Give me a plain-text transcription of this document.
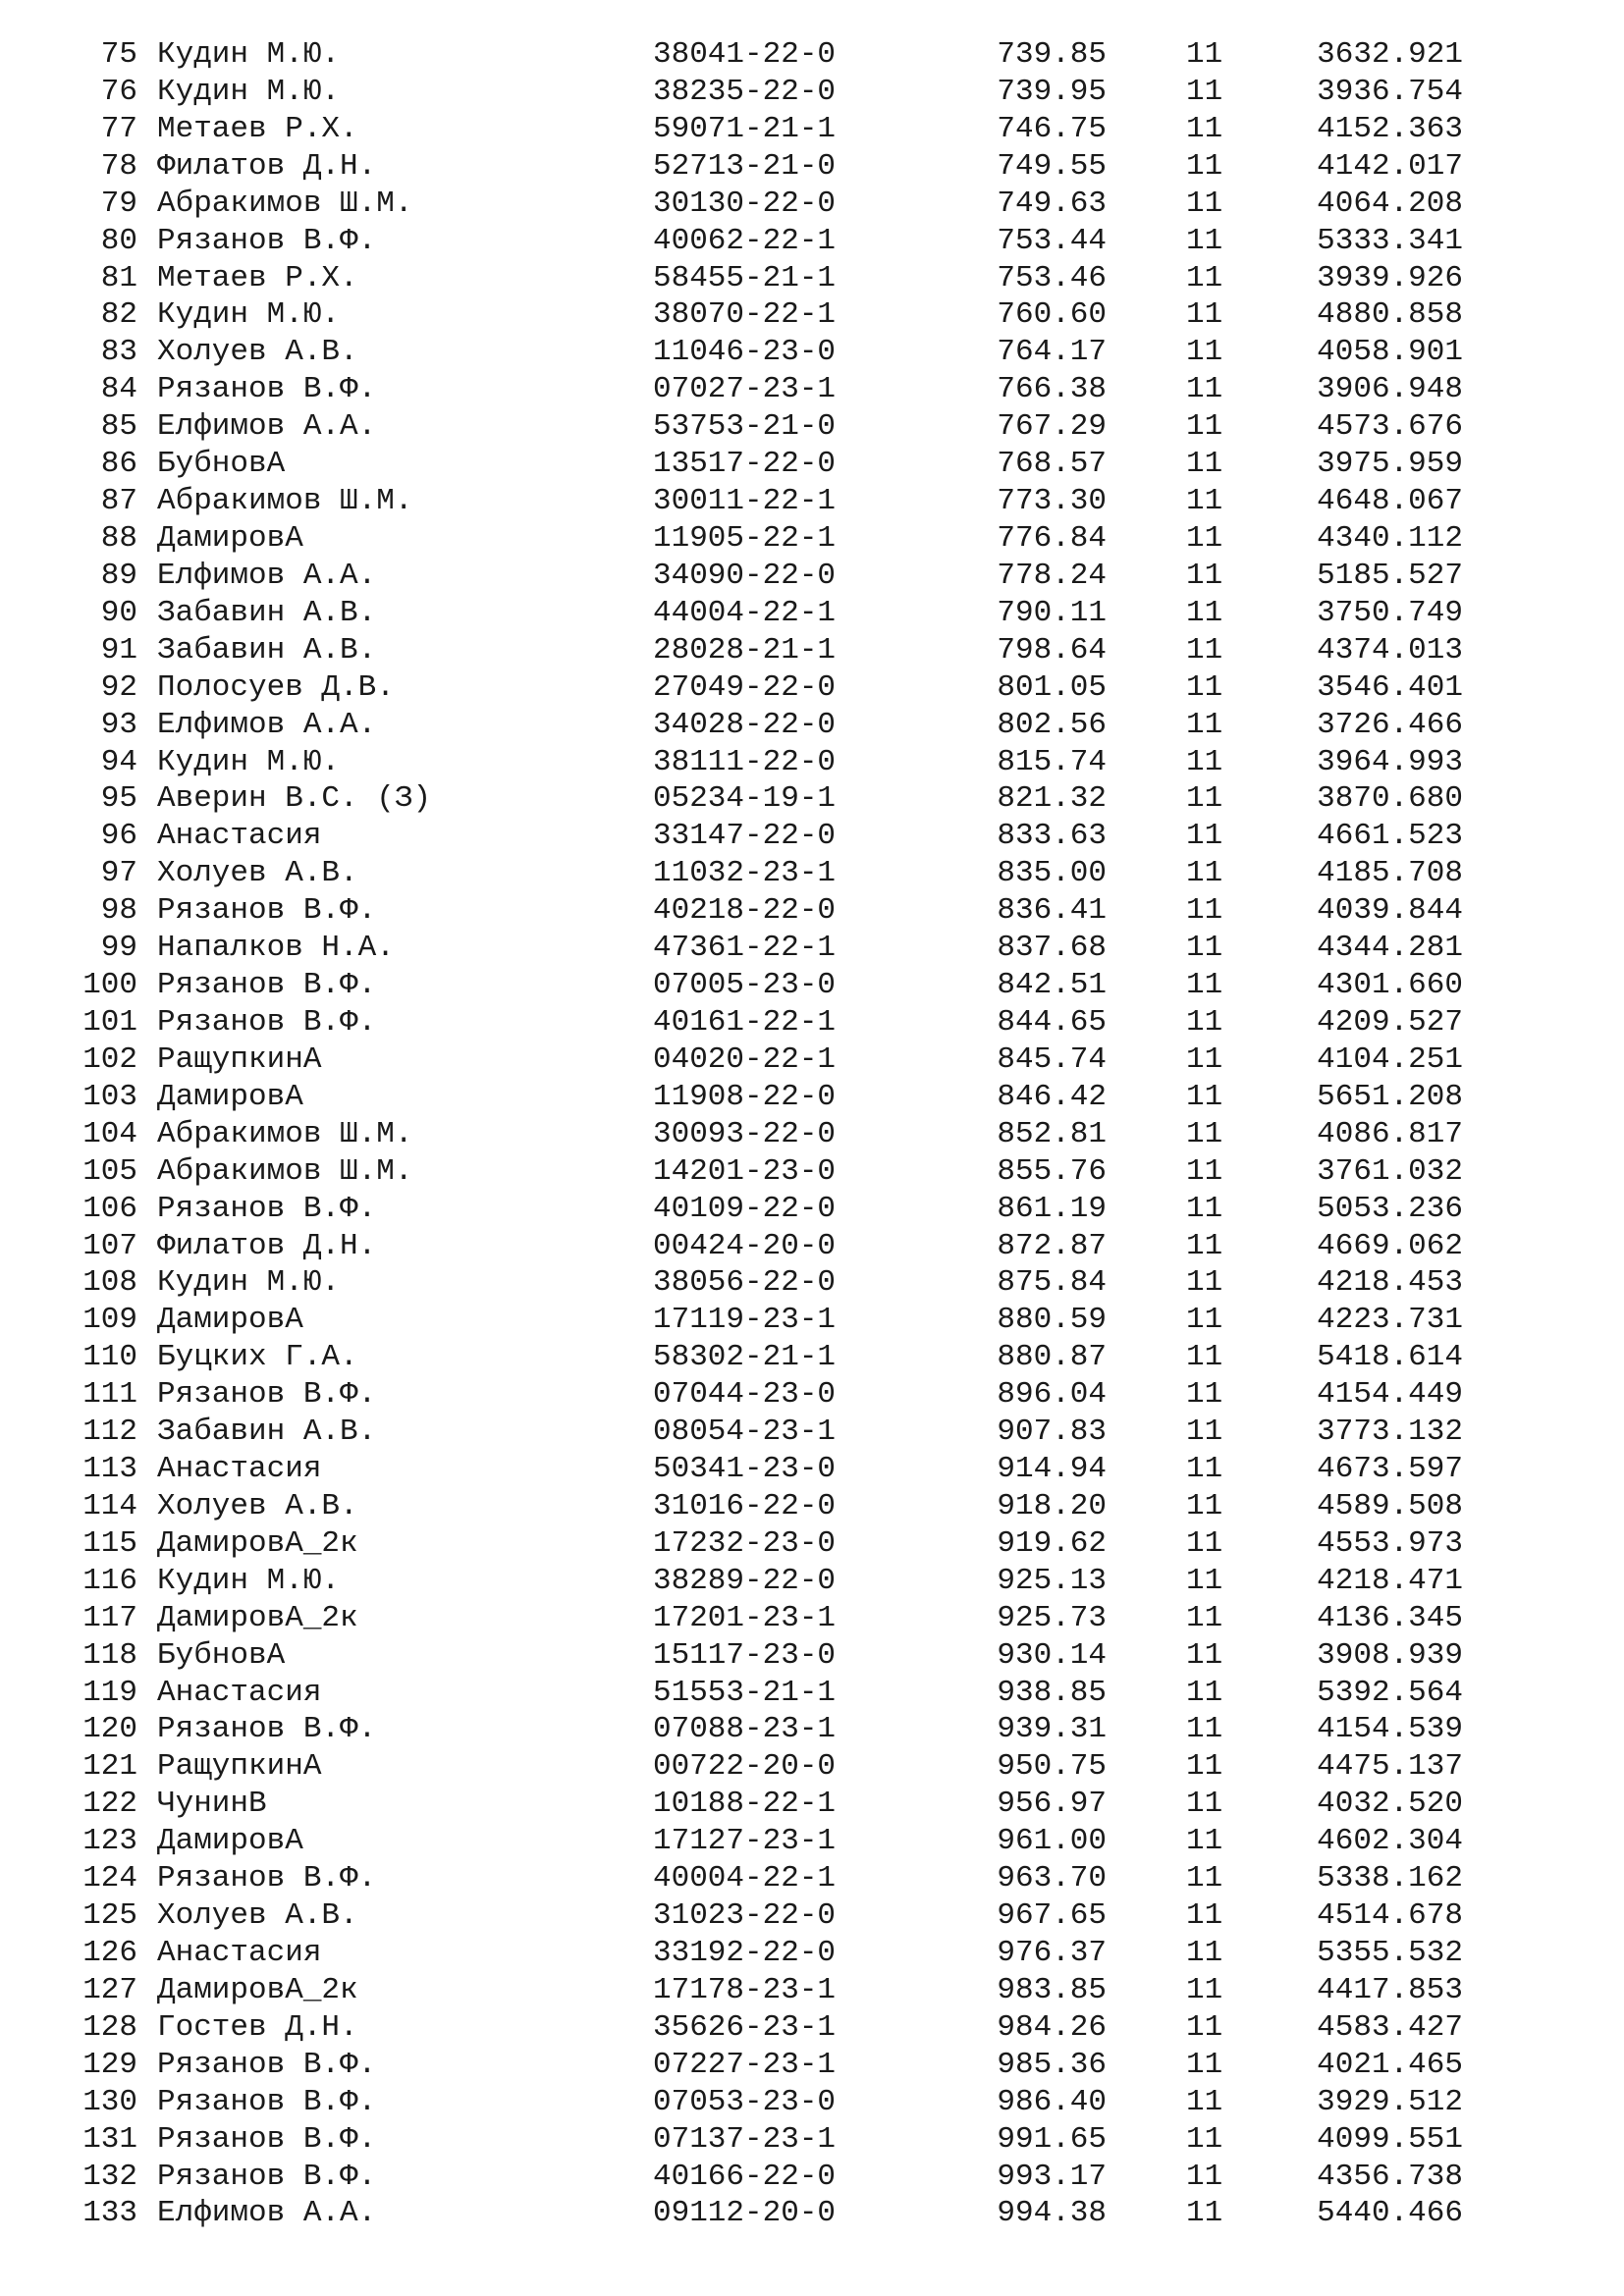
75 Кудин М.Ю.	38041-22-0	739.85	11	3632.921
76 Кудин М.Ю.	38235-22-0	739.95	11	3936.754
77 Метаев Р.Х.	59071-21-1	746.75	11	4152.363
78 Филатов Д.Н.	52713-21-0	749.55	11	4142.017
79 Абракимов Ш.М.	30130-22-0	749.63	11	4064.208
80 Рязанов В.Ф.	40062-22-1	753.44	11	5333.341
81 Метаев Р.Х.	58455-21-1	753.46	11	3939.926
82 Кудин М.Ю.	38070-22-1	760.60	11	4880.858
83 Холуев А.В.	11046-23-0	764.17	11	4058.901
84 Рязанов В.Ф.	07027-23-1	766.38	11	3906.948
85 Елфимов А.А.	53753-21-0	767.29	11	4573.676
86 БубновА	13517-22-0	768.57	11	3975.959
87 Абракимов Ш.М.	30011-22-1	773.30	11	4648.067
88 ДамировА	11905-22-1	776.84	11	4340.112
89 Елфимов А.А.	34090-22-0	778.24	11	5185.527
90 Забавин А.В.	44004-22-1	790.11	11	3750.749
91 Забавин А.В.	28028-21-1	798.64	11	4374.013
92 Полосуев Д.В.	27049-22-0	801.05	11	3546.401
93 Елфимов А.А.	34028-22-0	802.56	11	3726.466
94 Кудин М.Ю.	38111-22-0	815.74	11	3964.993
95 Аверин В.С. (З)	05234-19-1	821.32	11	3870.680
96 Анастасия	33147-22-0	833.63	11	4661.523
97 Холуев А.В.	11032-23-1	835.00	11	4185.708
98 Рязанов В.Ф.	40218-22-0	836.41	11	4039.844
99 Напалков Н.А.	47361-22-1	837.68	11	4344.281
100 Рязанов В.Ф.	07005-23-0	842.51	11	4301.660
101 Рязанов В.Ф.	40161-22-1	844.65	11	4209.527
102 РащупкинА	04020-22-1	845.74	11	4104.251
103 ДамировА	11908-22-0	846.42	11	5651.208
104 Абракимов Ш.М.	30093-22-0	852.81	11	4086.817
105 Абракимов Ш.М.	14201-23-0	855.76	11	3761.032
106 Рязанов В.Ф.	40109-22-0	861.19	11	5053.236
107 Филатов Д.Н.	00424-20-0	872.87	11	4669.062
108 Кудин М.Ю.	38056-22-0	875.84	11	4218.453
109 ДамировА	17119-23-1	880.59	11	4223.731
110 Буцких Г.А.	58302-21-1	880.87	11	5418.614
111 Рязанов В.Ф.	07044-23-0	896.04	11	4154.449
112 Забавин А.В.	08054-23-1	907.83	11	3773.132
113 Анастасия	50341-23-0	914.94	11	4673.597
114 Холуев А.В.	31016-22-0	918.20	11	4589.508
115 ДамировА_2к	17232-23-0	919.62	11	4553.973
116 Кудин М.Ю.	38289-22-0	925.13	11	4218.471
117 ДамировА_2к	17201-23-1	925.73	11	4136.345
118 БубновА	15117-23-0	930.14	11	3908.939
119 Анастасия	51553-21-1	938.85	11	5392.564
120 Рязанов В.Ф.	07088-23-1	939.31	11	4154.539
121 РащупкинА	00722-20-0	950.75	11	4475.137
122 ЧунинВ	10188-22-1	956.97	11	4032.520
123 ДамировА	17127-23-1	961.00	11	4602.304
124 Рязанов В.Ф.	40004-22-1	963.70	11	5338.162
125 Холуев А.В.	31023-22-0	967.65	11	4514.678
126 Анастасия	33192-22-0	976.37	11	5355.532
127 ДамировА_2к	17178-23-1	983.85	11	4417.853
128 Гостев Д.Н.	35626-23-1	984.26	11	4583.427
129 Рязанов В.Ф.	07227-23-1	985.36	11	4021.465
130 Рязанов В.Ф.	07053-23-0	986.40	11	3929.512
131 Рязанов В.Ф.	07137-23-1	991.65	11	4099.551
132 Рязанов В.Ф.	40166-22-0	993.17	11	4356.738
133 Елфимов А.А.	09112-20-0	994.38	11	5440.466
